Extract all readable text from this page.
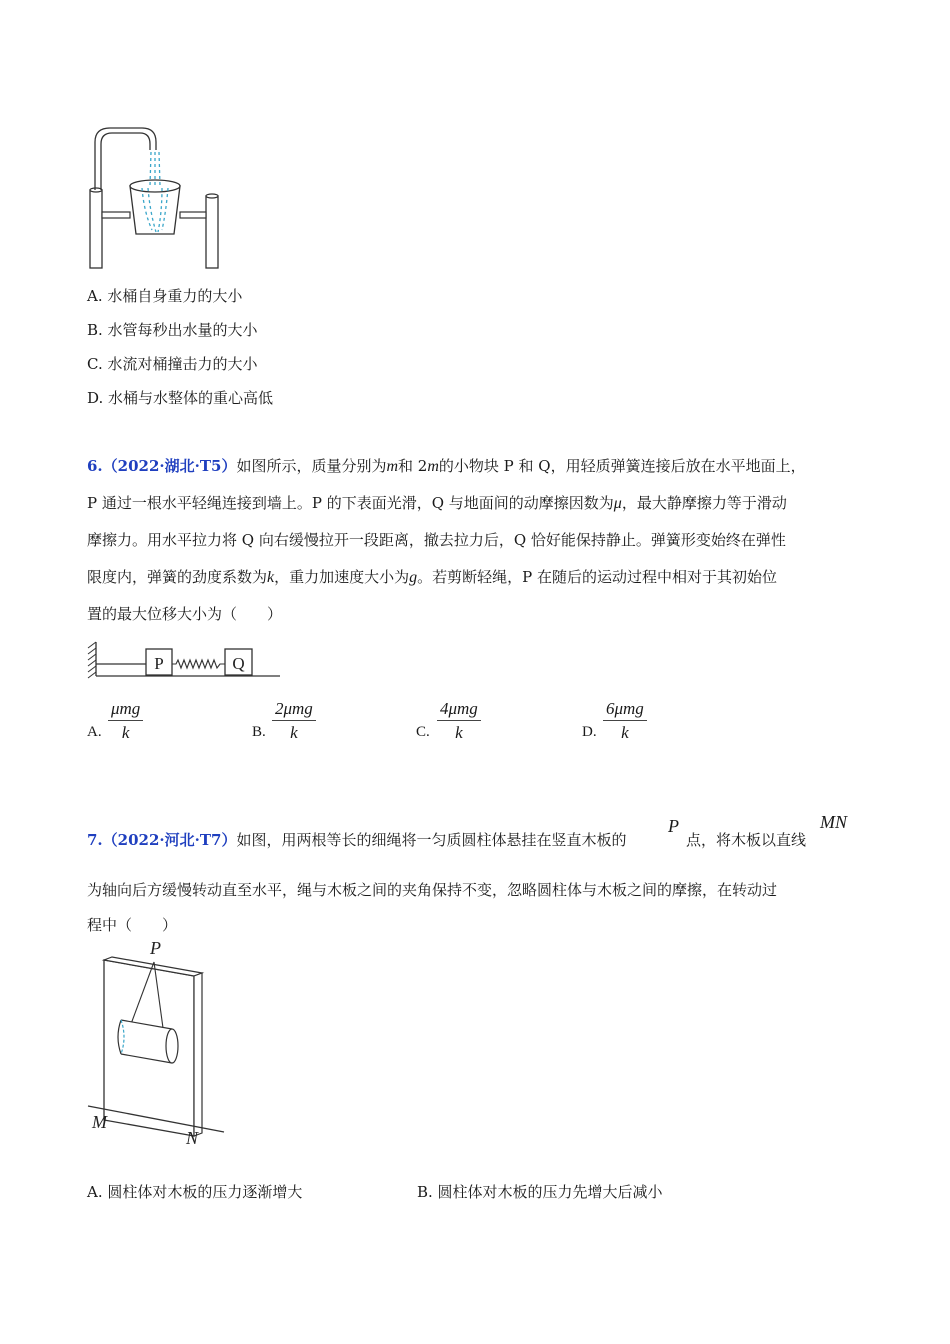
A. 水桶自身重力的大小
B. 水管每秒出水量的大小
C. 水流对桶撞击力的大小
D. 水桶与水整体的重心高低
6.（2022·湖北·T5）如图所示，质量分别为m和 2m的小物块 P 和 Q，用轻质弹簧连接后放在水平地面上，
P 通过一根水平轻绳连接到墙上。P 的下表面光滑，Q 与地面间的动摩擦因数为μ，最大静摩擦力等于滑动
摩擦力。用水平拉力将 Q 向右缓慢拉开一段距离，撤去拉力后，Q 恰好能保持静止。弹簧形变始终在弹性
限度内，弹簧的劲度系数为k，重力加速度大小为g。若剪断轻绳，P 在随后的运动过程中相对于其初始位
置的最大位移大小为（　　）
P	Q
A.
μmg
k	B.
2μmg
k	C.
4μmg
k	D.
6μmg
k
7.（2022·河北·T7）如图，用两根等长的细绳将一匀质圆柱体悬挂在竖直木板的
P
点，将木板以直线
MN
为轴向后方缓慢转动直至水平，绳与木板之间的夹角保持不变，忽略圆柱体与木板之间的摩擦，在转动过
程中（　　）
P
M
N
A. 圆柱体对木板的压力逐渐增大	B. 圆柱体对木板的压力先增大后减小
